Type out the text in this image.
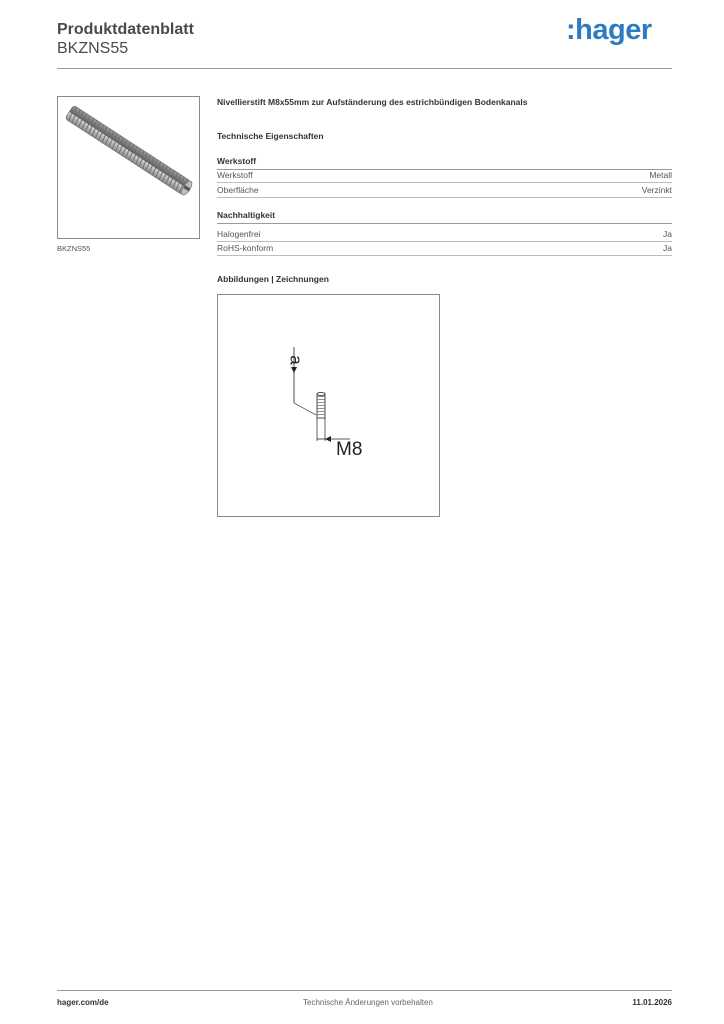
Produktdatenblatt
BKZNS55
:hager
BKZNS55
Nivellierstift M8x55mm zur Aufständerung des estrichbündigen Bodenkanals
Technische Eigenschaften
Werkstoff
Werkstoff	Metall
Oberfläche	Verzinkt
Nachhaltigkeit
Halogenfrei	Ja
RoHS-konform	Ja
Abbildungen | Zeichnungen
a
M8
hager.com/de	Technische Änderungen vorbehalten	11.01.2026
